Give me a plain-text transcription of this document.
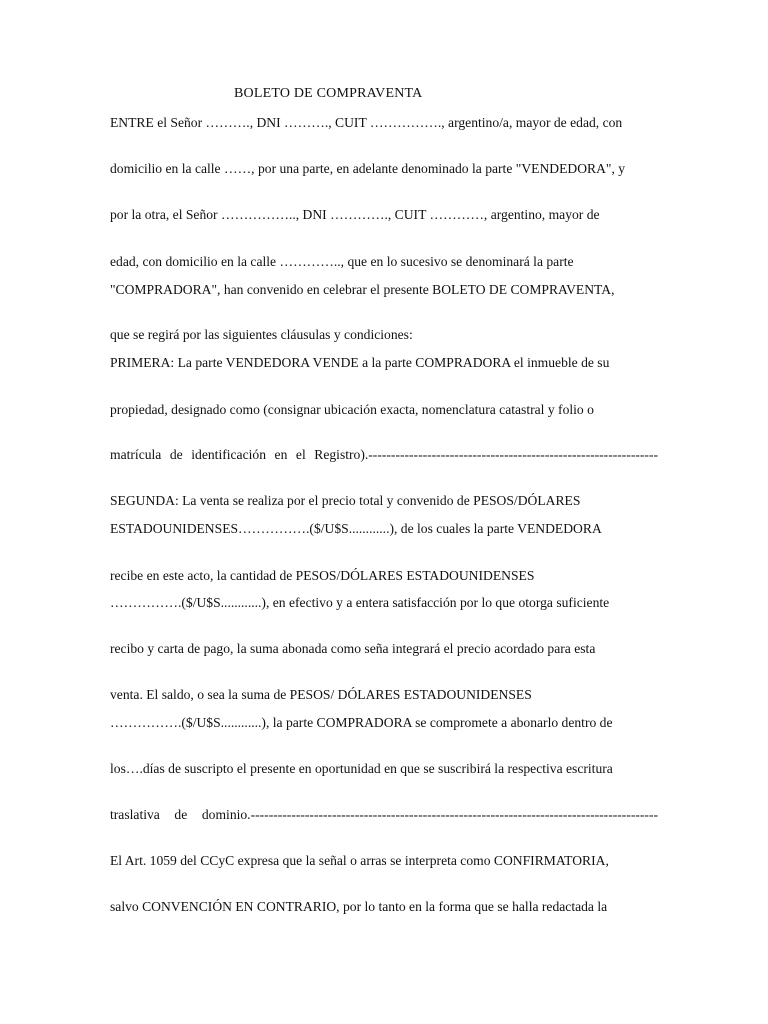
BOLETO DE COMPRAVENTA

ENTRE el Señor ………., DNI ………., CUIT ……………., argentino/a, mayor de edad, con

domicilio en la calle ……, por una parte, en adelante denominado la parte "VENDEDORA", y

por la otra, el Señor …………….., DNI …………., CUIT …………, argentino, mayor de

edad, con domicilio en la calle ………….., que en lo sucesivo se denominará la parte

"COMPRADORA", han convenido en celebrar el presente BOLETO DE COMPRAVENTA,

que se regirá por las siguientes cláusulas y condiciones:

PRIMERA: La parte VENDEDORA VENDE a la parte COMPRADORA el inmueble de su

propiedad, designado como (consignar ubicación exacta, nomenclatura catastral y folio o

matrícula de identificación en el Registro).----------------------------------------------------------------

SEGUNDA: La venta se realiza por el precio total y convenido de PESOS/DÓLARES

ESTADOUNIDENSES…………….($/U$S............), de los cuales la parte VENDEDORA

recibe en este acto, la cantidad de PESOS/DÓLARES ESTADOUNIDENSES

…………….($/U$S............), en efectivo y a entera satisfacción por lo que otorga suficiente

recibo y carta de pago, la suma abonada como seña integrará el precio acordado para esta

venta. El saldo, o sea la suma de PESOS/ DÓLARES ESTADOUNIDENSES

…………….($/U$S............), la parte COMPRADORA se compromete a abonarlo dentro de

los….días de suscripto el presente en oportunidad en que se suscribirá la respectiva escritura

traslativa de dominio.------------------------------------------------------------------------------------------

El Art. 1059 del CCyC expresa que la señal o arras se interpreta como CONFIRMATORIA,

salvo CONVENCIÓN EN CONTRARIO, por lo tanto en la forma que se halla redactada la
